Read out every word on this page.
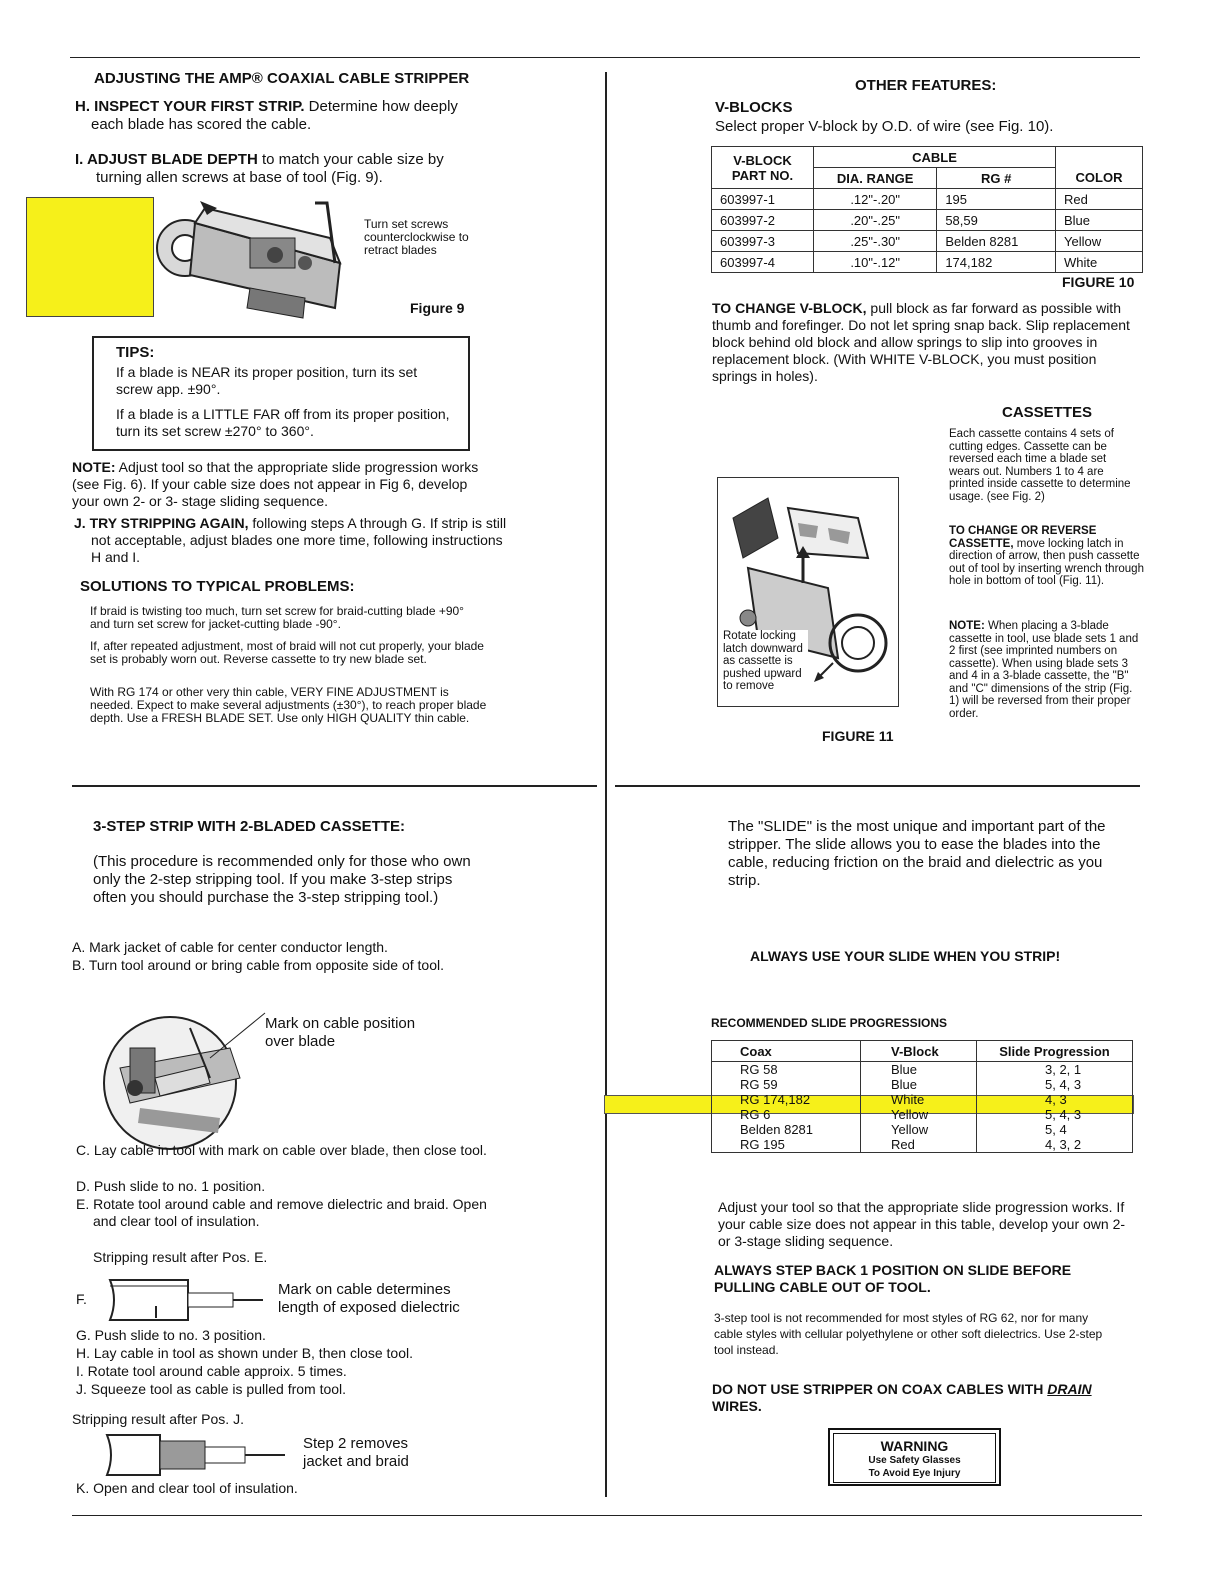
ADJUSTING THE AMP® COAXIAL CABLE STRIPPER
H. INSPECT YOUR FIRST STRIP. Determine how deeply
each blade has scored the cable.
I. ADJUST BLADE DEPTH to match your cable size by
turning allen screws at base of tool (Fig. 9).
Turn set screws counterclockwise to retract blades
Figure 9

TIPS:

If a blade is NEAR its proper position, turn its set screw app. ±90°.

If a blade is a LITTLE FAR off from its proper position, turn its set screw ±270° to 360°.

NOTE: Adjust tool so that the appropriate slide progression works (see Fig. 6). If your cable size does not appear in Fig 6, develop your own 2- or 3- stage sliding sequence.
J. TRY STRIPPING AGAIN, following steps A through G. If strip is still not acceptable, adjust blades one more time, following instructions H and I.
SOLUTIONS TO TYPICAL PROBLEMS:
If braid is twisting too much, turn set screw for braid-cutting blade +90° and turn set screw for jacket-cutting blade -90°.
If, after repeated adjustment, most of braid will not cut properly, your blade set is probably worn out. Reverse cassette to try new blade set.
With RG 174 or other very thin cable, VERY FINE ADJUSTMENT is needed. Expect to make several adjustments (±30°), to reach proper blade depth. Use a FRESH BLADE SET. Use only HIGH QUALITY thin cable.
OTHER FEATURES:
V-BLOCKS
Select proper V-block by O.D. of wire (see Fig. 10).
V-BLOCK PART NO.	CABLE		
	DIA. RANGE	RG #	COLOR
603997-1	.12"-.20"	195	Red
603997-2	.20"-.25"	58,59	Blue
603997-3	.25"-.30"	Belden 8281	Yellow
603997-4	.10"-.12"	174,182	White
FIGURE 10
TO CHANGE V-BLOCK, pull block as far forward as possible with thumb and forefinger. Do not let spring snap back. Slip replacement block behind old block and allow springs to slip into grooves in replacement block. (With WHITE V-BLOCK, you must position springs in holes).
CASSETTES
Each cassette contains 4 sets of cutting edges. Cassette can be reversed each time a blade set wears out. Numbers 1 to 4 are printed inside cassette to determine usage. (see Fig. 2)
TO CHANGE OR REVERSE CASSETTE, move locking latch in direction of arrow, then push cassette out of tool by inserting wrench through hole in bottom of tool (Fig. 11).
NOTE: When placing a 3-blade cassette in tool, use blade sets 1 and 2 first (see imprinted numbers on cassette). When using blade sets 3 and 4 in a 3-blade cassette, the "B" and "C" dimensions of the strip (Fig. 1) will be reversed from their proper order.
Rotate locking latch downward as cassette is pushed upward to remove
FIGURE 11
3-STEP STRIP WITH 2-BLADED CASSETTE:
(This procedure is recommended only for those who own only the 2-step stripping tool. If you make 3-step strips often you should purchase the 3-step stripping tool.)
A. Mark jacket of cable for center conductor length.
B. Turn tool around or bring cable from opposite side of tool.
Mark on cable position over blade
C. Lay cable in tool with mark on cable over blade, then close tool.
D. Push slide to no. 1 position.
E. Rotate tool around cable and remove dielectric and braid. Open and clear tool of insulation.
Stripping result after Pos. E.
F.
Mark on cable determines length of exposed dielectric
G. Push slide to no. 3 position.
H. Lay cable in tool as shown under B, then close tool.
I. Rotate tool around cable approix. 5 times.
J. Squeeze tool as cable is pulled from tool.
Stripping result after Pos. J.
Step 2 removes jacket and braid
K. Open and clear tool of insulation.
The "SLIDE" is the most unique and important part of the stripper. The slide allows you to ease the blades into the cable, reducing friction on the braid and dielectric as you strip.
ALWAYS USE YOUR SLIDE WHEN YOU STRIP!
RECOMMENDED SLIDE PROGRESSIONS
Coax	V-Block	Slide Progression
RG 58	Blue	3, 2, 1
RG 59	Blue	5, 4, 3
RG 174,182	White	4, 3
RG 6	Yellow	5, 4, 3
Belden 8281	Yellow	5, 4
RG 195	Red	4, 3, 2
Adjust your tool so that the appropriate slide progression works. If your cable size does not appear in this table, develop your own 2- or 3-stage sliding sequence.
ALWAYS STEP BACK 1 POSITION ON SLIDE BEFORE PULLING CABLE OUT OF TOOL.
3-step tool is not recommended for most styles of RG 62, nor for many cable styles with cellular polyethylene or other soft dielectrics. Use 2-step tool instead.
DO NOT USE STRIPPER ON COAX CABLES WITH DRAIN
WIRES.
WARNING
Use Safety Glasses
To Avoid Eye Injury
